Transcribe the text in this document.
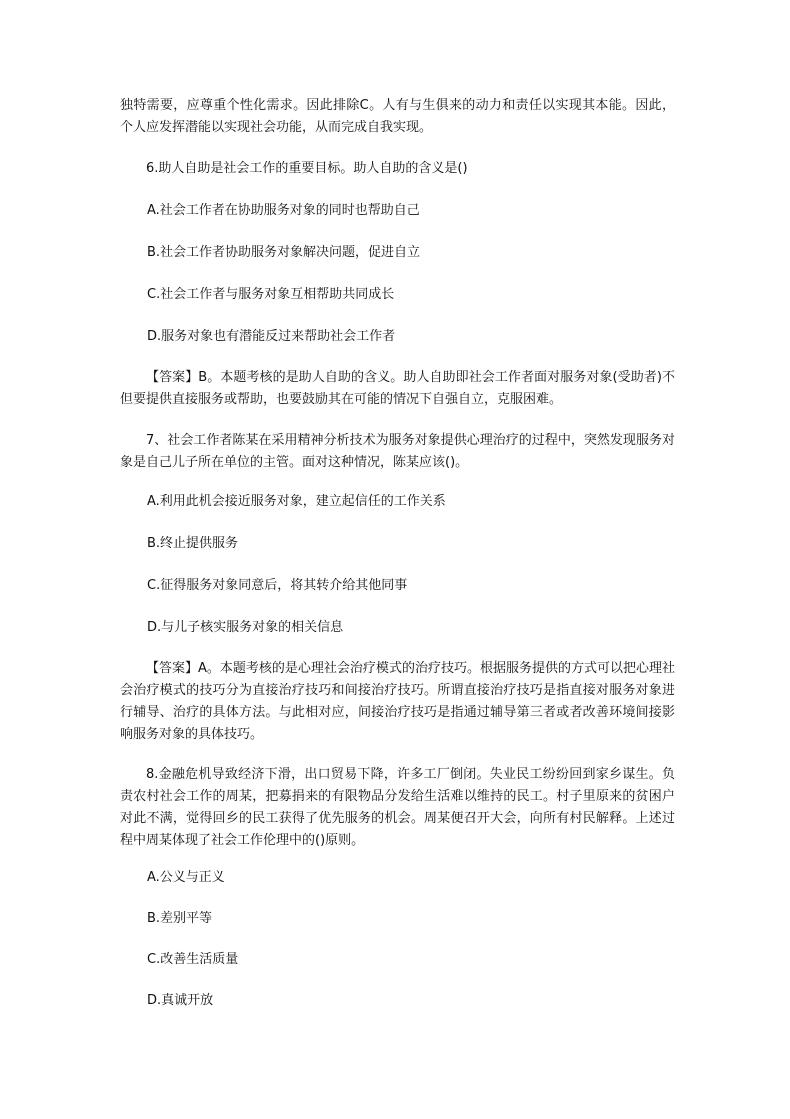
独特需要，应尊重个性化需求。因此排除C。人有与生俱来的动力和责任以实现其本能。因此，个人应发挥潜能以实现社会功能，从而完成自我实现。
6.助人自助是社会工作的重要目标。助人自助的含义是()
A.社会工作者在协助服务对象的同时也帮助自己
B.社会工作者协助服务对象解决问题，促进自立
C.社会工作者与服务对象互相帮助共同成长
D.服务对象也有潜能反过来帮助社会工作者
【答案】B。本题考核的是助人自助的含义。助人自助即社会工作者面对服务对象(受助者)不但要提供直接服务或帮助，也要鼓励其在可能的情况下自强自立，克服困难。
7、社会工作者陈某在采用精神分析技术为服务对象提供心理治疗的过程中，突然发现服务对象是自己儿子所在单位的主管。面对这种情况，陈某应该()。
A.利用此机会接近服务对象，建立起信任的工作关系
B.终止提供服务
C.征得服务对象同意后，将其转介给其他同事
D.与儿子核实服务对象的相关信息
【答案】A。本题考核的是心理社会治疗模式的治疗技巧。根据服务提供的方式可以把心理社会治疗模式的技巧分为直接治疗技巧和间接治疗技巧。所谓直接治疗技巧是指直接对服务对象进行辅导、治疗的具体方法。与此相对应，间接治疗技巧是指通过辅导第三者或者改善环境间接影响服务对象的具体技巧。
8.金融危机导致经济下滑，出口贸易下降，许多工厂倒闭。失业民工纷纷回到家乡谋生。负责农村社会工作的周某，把募捐来的有限物品分发给生活难以维持的民工。村子里原来的贫困户对此不满，觉得回乡的民工获得了优先服务的机会。周某便召开大会，向所有村民解释。上述过程中周某体现了社会工作伦理中的()原则。
A.公义与正义
B.差别平等
C.改善生活质量
D.真诚开放
